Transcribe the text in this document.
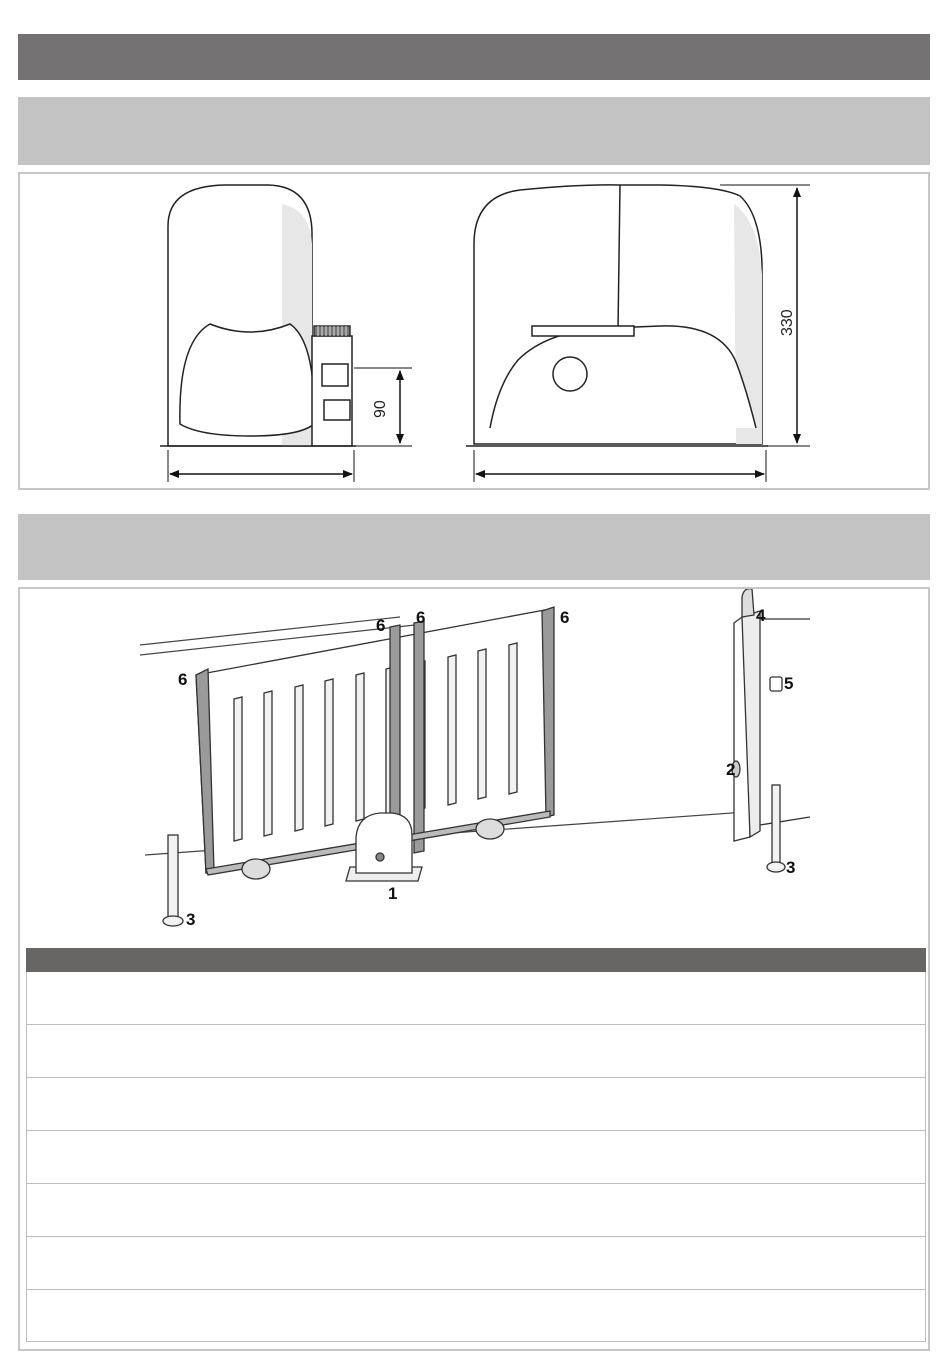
90
330
1
2
3
3
4
5
6
6 6	6
